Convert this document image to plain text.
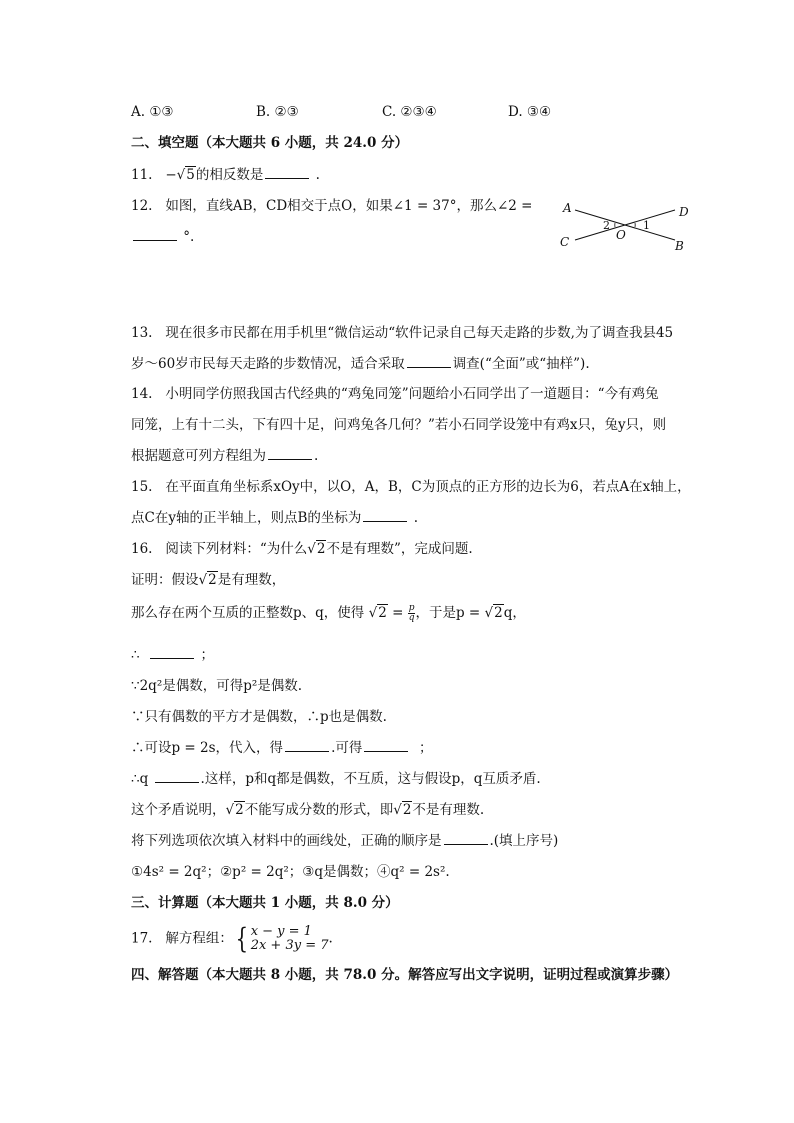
A. ①③	B. ②③	C. ②③④	D. ③④
二、填空题（本大题共 6 小题，共 24.0 分）
11.   −√5的相反数是	.
12. 如图，直线AB，CD相交于点O，如果∠1 = 37°，那么∠2 =
°.
A	D
C	B
O
2	1
13. 现在很多市民都在用手机里“微信运动“软件记录自己每天走路的步数,为了调查我县45
岁～60岁市民每天走路的步数情况，适合采取	调查(“全面”或“抽样”).
14. 小明同学仿照我国古代经典的“鸡兔同笼”问题给小石同学出了一道题目：“今有鸡兔
同笼，上有十二头，下有四十足，问鸡兔各几何？”若小石同学设笼中有鸡x只，兔y只，则
根据题意可列方程组为	.
15. 在平面直角坐标系xOy中，以O，A，B，C为顶点的正方形的边长为6，若点A在x轴上，
点C在y轴的正半轴上，则点B的坐标为	.
16. 阅读下列材料：“为什么√2不是有理数”，完成问题.
证明：假设√2是有理数，
那么存在两个互质的正整数p、q，使得 $√2 = \frac{p}{q}$ ，于是p = √2q，
∴	；
∵2q²是偶数，可得p²是偶数.
∵只有偶数的平方才是偶数，∴p也是偶数.
∴可设p = 2s，代入，得	.可得	；
∴q	.这样，p和q都是偶数，不互质，这与假设p，q互质矛盾.
这个矛盾说明，√2不能写成分数的形式，即√2不是有理数.
将下列选项依次填入材料中的画线处，正确的顺序是	.(填上序号)
①4s² = 2q²；②p² = 2q²；③q是偶数；④q² = 2s².
三、计算题（本大题共 1 小题，共 8.0 分）
17. 解方程组：{ x − y = 1
2x + 3y = 7 .
四、解答题（本大题共 8 小题，共 78.0 分。解答应写出文字说明，证明过程或演算步骤）
